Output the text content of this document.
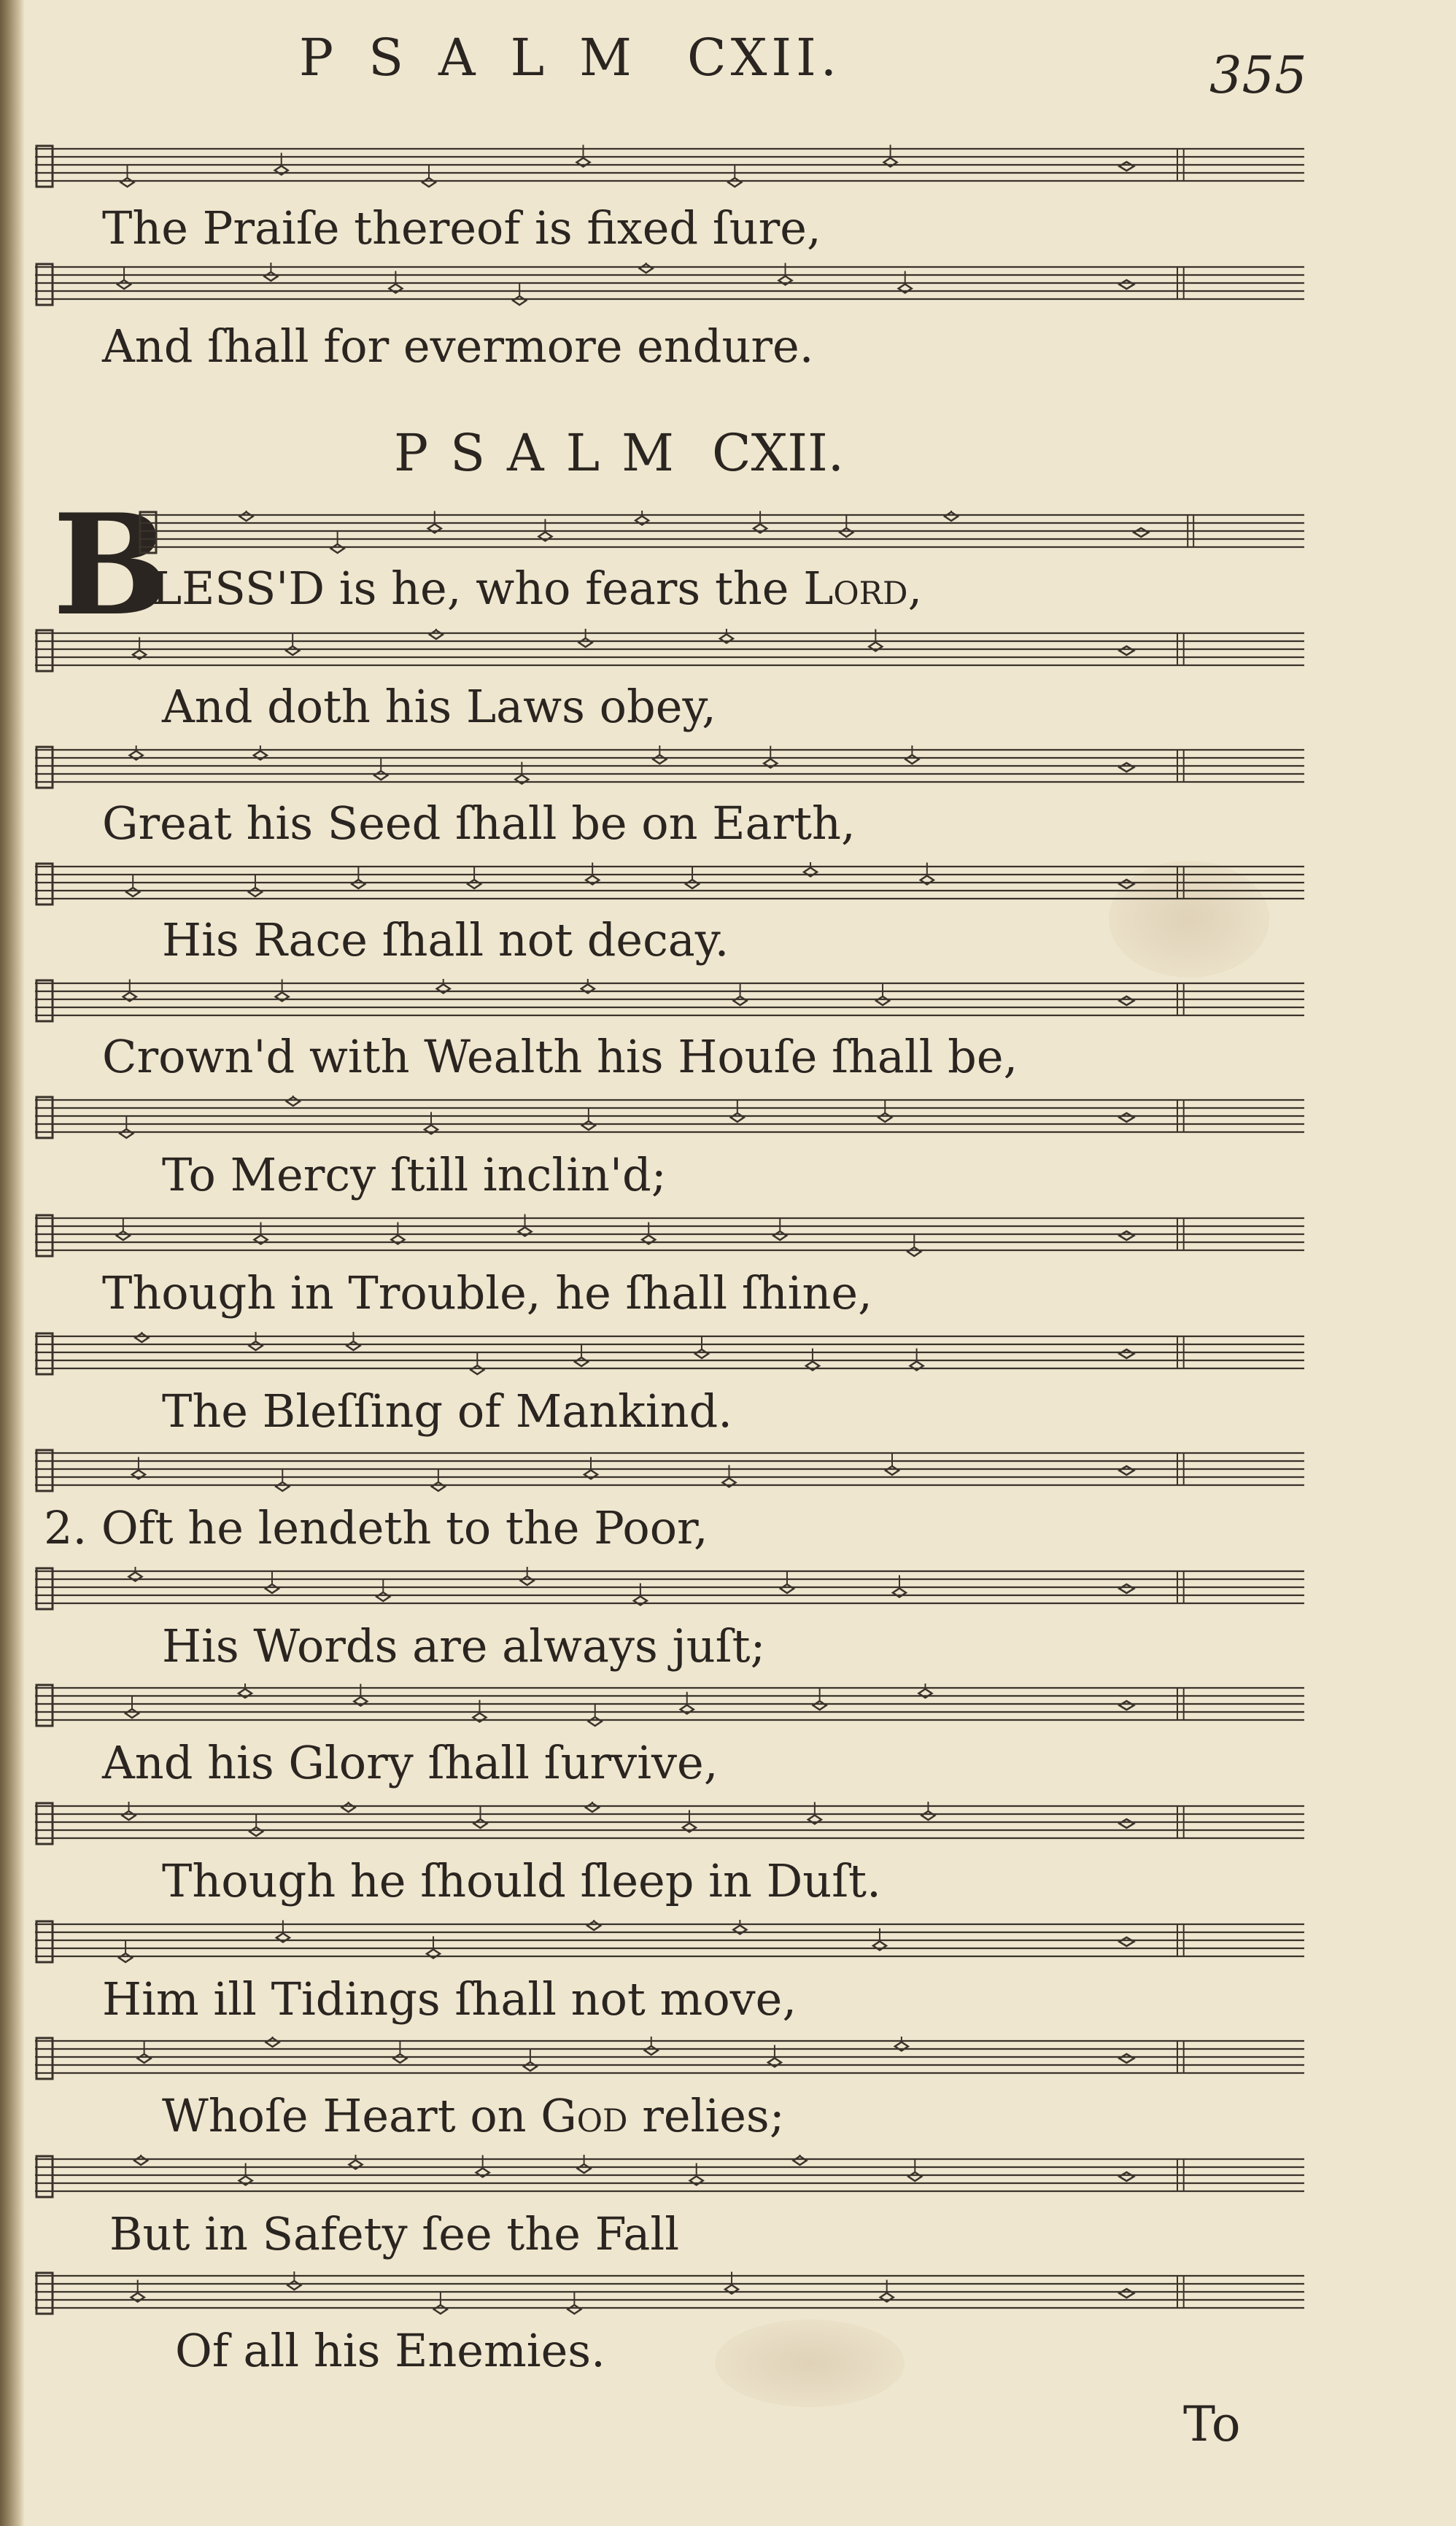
PSALM CXII.	355
The Praiſe thereof is fixed ſure,
And ſhall for evermore endure.
PSALM CXII.
B
LESS'D is he, who fears the Lord,
And doth his Laws obey,
Great his Seed ſhall be on Earth,
His Race ſhall not decay.
Crown'd with Wealth his Houſe ſhall be,
To Mercy ſtill inclin'd;
Though in Trouble, he ſhall ſhine,
The Bleſſing of Mankind.
2. Oft he lendeth to the Poor,
His Words are always juſt;
And his Glory ſhall ſurvive,
Though he ſhould ſleep in Duſt.
Him ill Tidings ſhall not move,
Whoſe Heart on God relies;
But in Safety ſee the Fall
Of all his Enemies.
To
